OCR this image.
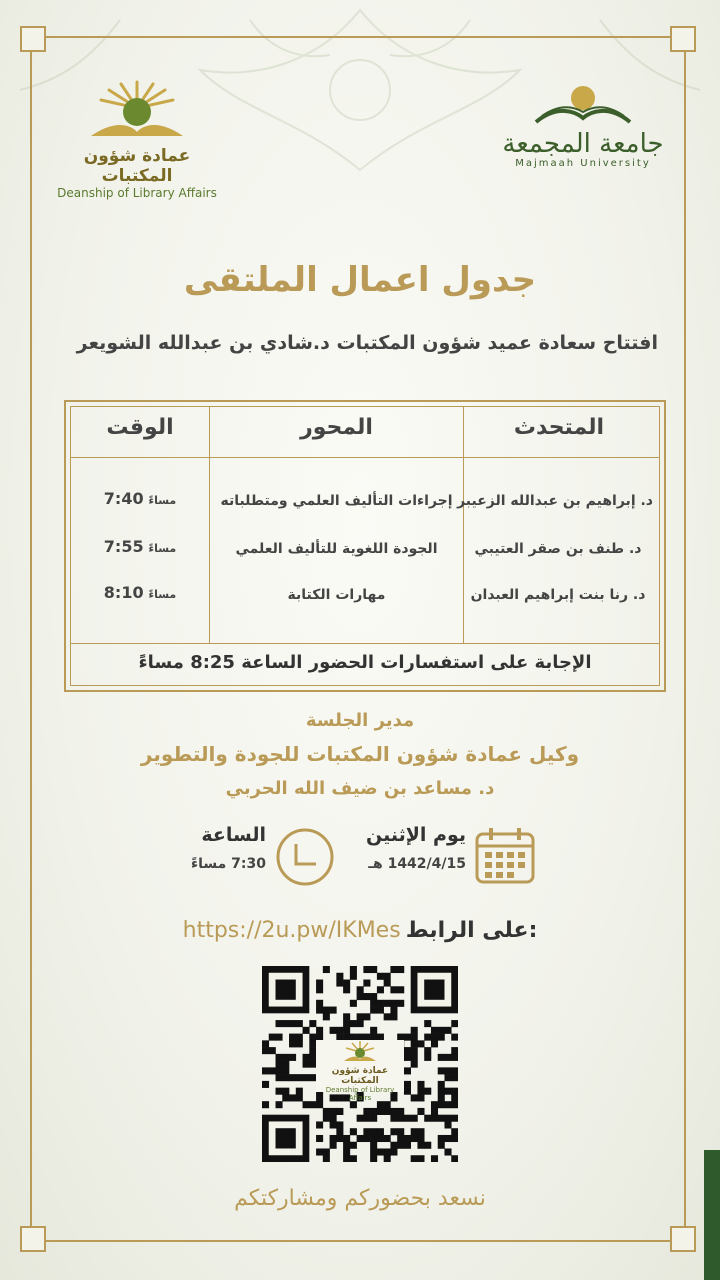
عمادة شؤون المكتبات
Deanship of Library Affairs
جامعة المجمعة
Majmaah University
جدول اعمال الملتقى
افتتاح سعادة عميد شؤون المكتبات د.شادي بن عبدالله الشويعر
المتحدث
المحور
الوقت
د. إبراهيم بن عبدالله الزعيبر
إجراءات التأليف العلمي ومتطلباته
مساءً 7:40
د. طنف بن صقر العتيبي
الجودة اللغوية للتأليف العلمي
مساءً 7:55
د. رنا بنت إبراهيم العبدان
مهارات الكتابة
مساءً 8:10
الإجابة على استفسارات الحضور الساعة 8:25 مساءً
مدير الجلسة
وكيل عمادة شؤون المكتبات للجودة والتطوير
د. مساعد بن ضيف الله الحربي
يوم الإثنين
1442/4/15 هـ
الساعة
7:30 مساءً
https://2u.pw/IKMes على الرابط:
عمادة شؤون المكتبات
Deanship of Library Affairs
نسعد بحضوركم ومشاركتكم
